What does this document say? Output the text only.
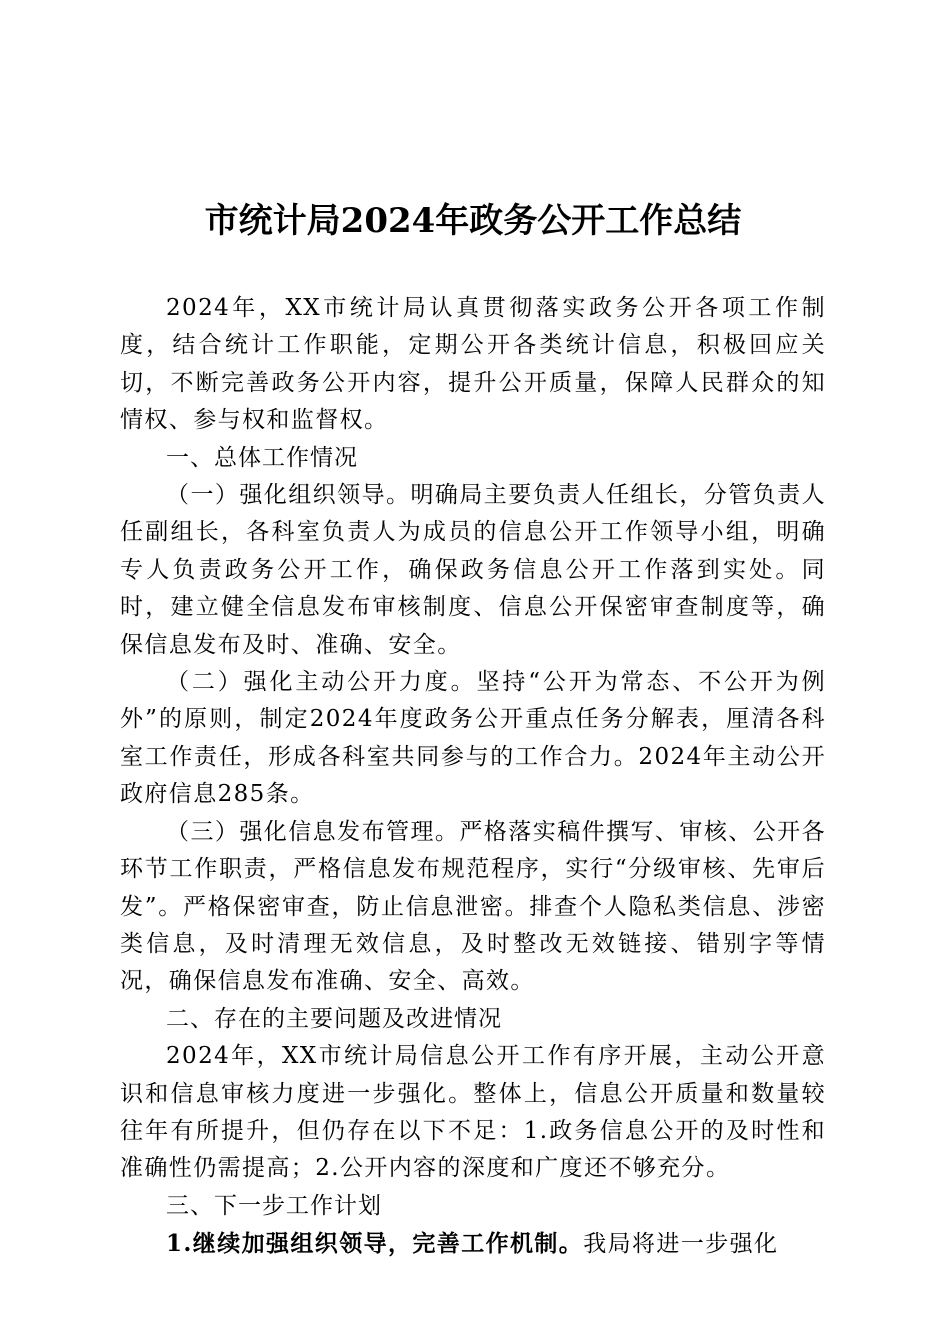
市统计局2024年政务公开工作总结

2024年，XX市统计局认真贯彻落实政务公开各项工作制度，结合统计工作职能，定期公开各类统计信息，积极回应关切，不断完善政务公开内容，提升公开质量，保障人民群众的知情权、参与权和监督权。

一、总体工作情况

（一）强化组织领导。明确局主要负责人任组长，分管负责人任副组长，各科室负责人为成员的信息公开工作领导小组，明确专人负责政务公开工作，确保政务信息公开工作落到实处。同时，建立健全信息发布审核制度、信息公开保密审查制度等，确保信息发布及时、准确、安全。

（二）强化主动公开力度。坚持“公开为常态、不公开为例外”的原则，制定2024年度政务公开重点任务分解表，厘清各科室工作责任，形成各科室共同参与的工作合力。2024年主动公开政府信息285条。

（三）强化信息发布管理。严格落实稿件撰写、审核、公开各环节工作职责，严格信息发布规范程序，实行“分级审核、先审后发”。严格保密审查，防止信息泄密。排查个人隐私类信息、涉密类信息，及时清理无效信息，及时整改无效链接、错别字等情况，确保信息发布准确、安全、高效。

二、存在的主要问题及改进情况

2024年，XX市统计局信息公开工作有序开展，主动公开意识和信息审核力度进一步强化。整体上，信息公开质量和数量较往年有所提升，但仍存在以下不足：1.政务信息公开的及时性和准确性仍需提高；2.公开内容的深度和广度还不够充分。

三、下一步工作计划

1.继续加强组织领导，完善工作机制。我局将进一步强化
